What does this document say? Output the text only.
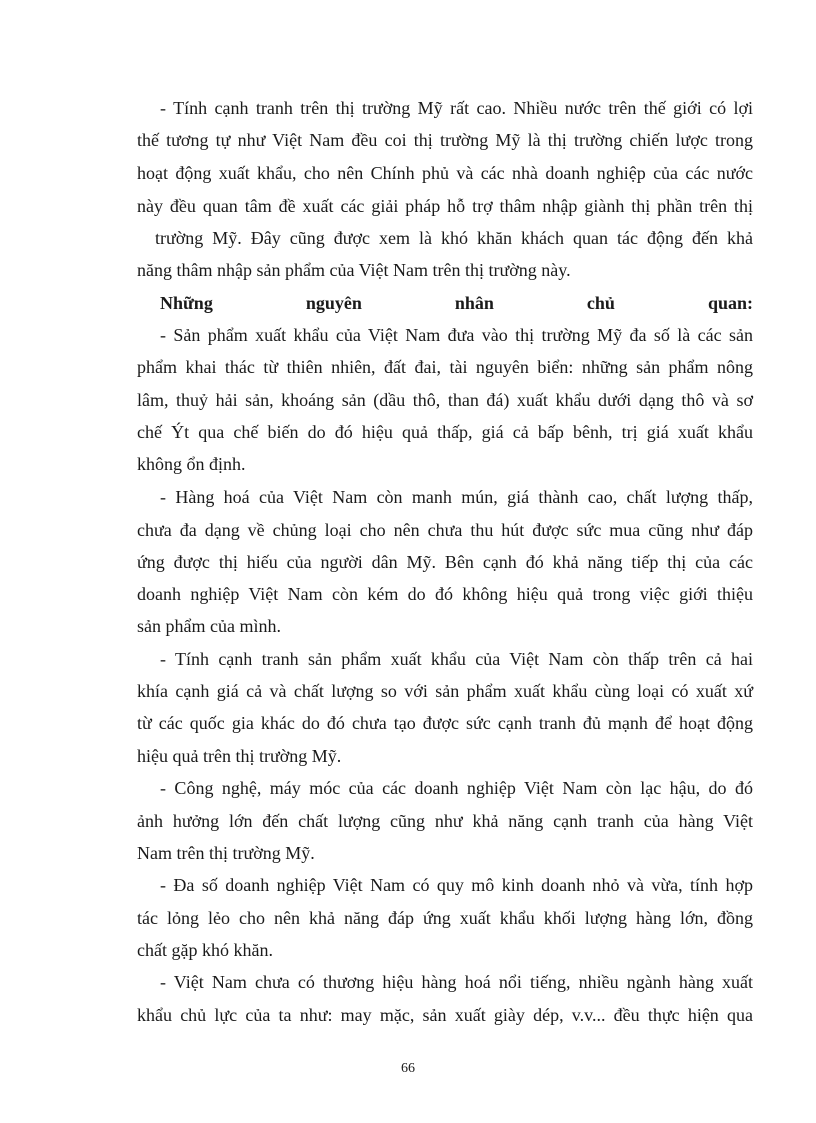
- Tính cạnh tranh trên thị trường Mỹ rất cao. Nhiều nước trên thế giới có lợi
thế tương tự như Việt Nam đều coi thị trường Mỹ là thị trường chiến lược trong
hoạt động xuất khẩu, cho nên Chính phủ và các nhà doanh nghiệp của các nước
này đều quan tâm đề xuất các giải pháp hỗ trợ thâm nhập giành thị phần trên thị
trường Mỹ. Đây cũng được xem là khó khăn khách quan tác động đến khả
năng thâm nhập sản phẩm của Việt Nam trên thị trường này.
Những nguyên nhân chủ quan:
- Sản phẩm xuất khẩu của Việt Nam đưa vào thị trường Mỹ đa số là các sản
phẩm khai thác từ thiên nhiên, đất đai, tài nguyên biển: những sản phẩm nông
lâm, thuỷ hải sản, khoáng sản (dầu thô, than đá) xuất khẩu dưới dạng thô và sơ
chế Ýt qua chế biến do đó hiệu quả thấp, giá cả bấp bênh, trị giá xuất khẩu
không ổn định.
- Hàng hoá của Việt Nam còn manh mún, giá thành cao, chất lượng thấp,
chưa đa dạng về chủng loại cho nên chưa thu hút được sức mua cũng như đáp
ứng được thị hiếu của người dân Mỹ. Bên cạnh đó khả năng tiếp thị của các
doanh nghiệp Việt Nam còn kém do đó không hiệu quả trong việc giới thiệu
sản phẩm của mình.
- Tính cạnh tranh sản phẩm xuất khẩu của Việt Nam còn thấp trên cả hai
khía cạnh giá cả và chất lượng so với sản phẩm xuất khẩu cùng loại có xuất xứ
từ các quốc gia khác do đó chưa tạo được sức cạnh tranh đủ mạnh để hoạt động
hiệu quả trên thị trường Mỹ.
- Công nghệ, máy móc của các doanh nghiệp Việt Nam còn lạc hậu, do đó
ảnh hưởng lớn đến chất lượng cũng như khả năng cạnh tranh của hàng Việt
Nam trên thị trường Mỹ.
- Đa số doanh nghiệp Việt Nam có quy mô kinh doanh nhỏ và vừa, tính hợp
tác lỏng lẻo cho nên khả năng đáp ứng xuất khẩu khối lượng hàng lớn, đồng
chất gặp khó khăn.
- Việt Nam chưa có thương hiệu hàng hoá nổi tiếng, nhiều ngành hàng xuất
khẩu chủ lực của ta như: may mặc, sản xuất giày dép, v.v... đều thực hiện qua
66
